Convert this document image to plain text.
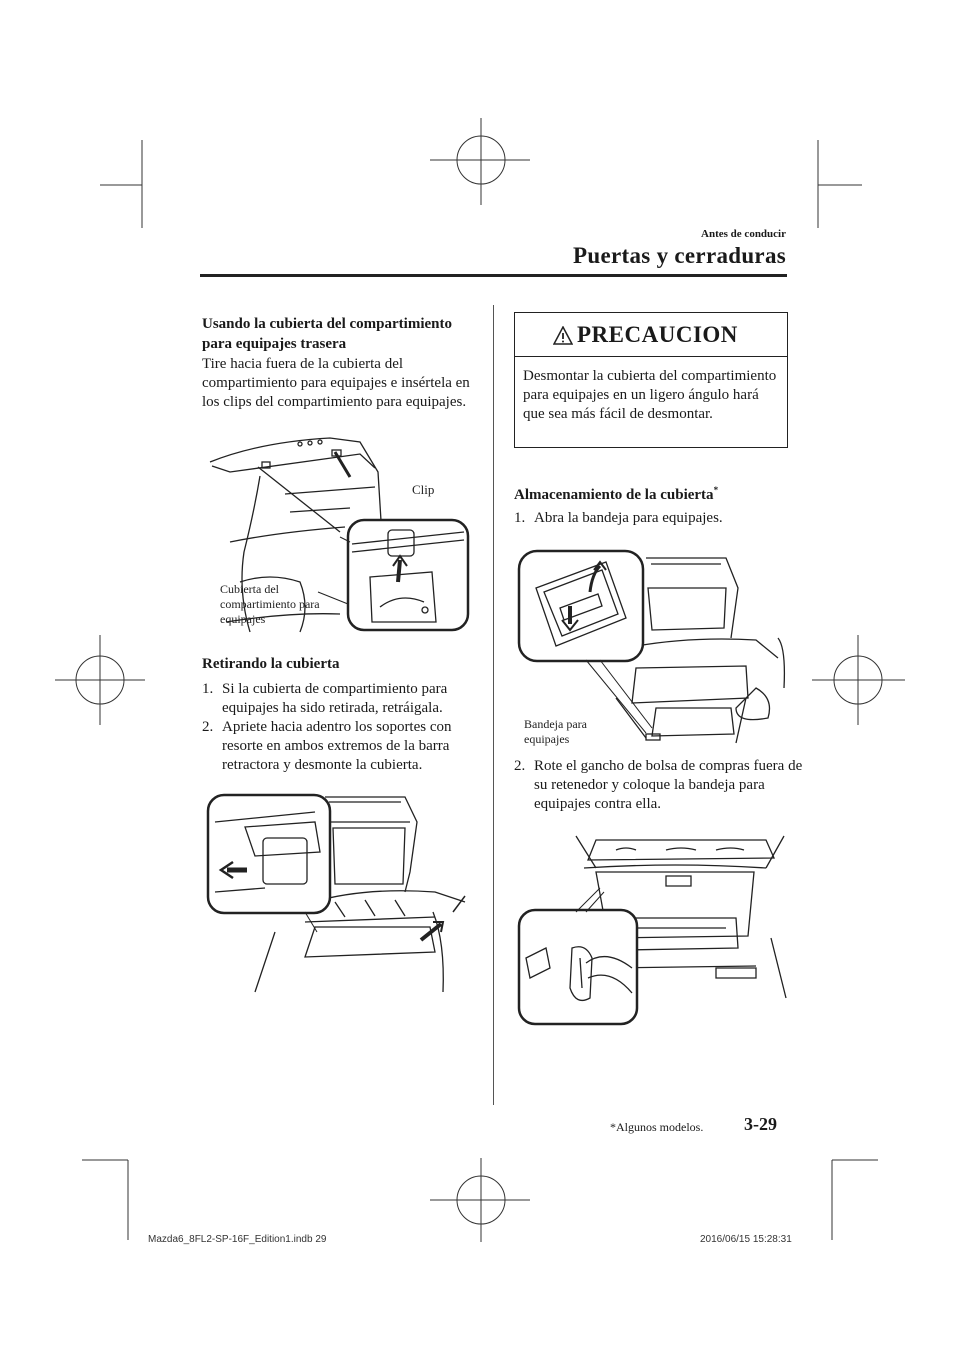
Antes de conducir
Puertas y cerraduras
Usando la cubierta del compartimiento para equipajes trasera
Tire hacia fuera de la cubierta del compartimiento para equipajes e insértela en los clips del compartimiento para equipajes.
Clip
Cubierta del compartimiento para equipajes
Retirando la cubierta
1. Si la cubierta de compartimiento para equipajes ha sido retirada, retráigala.
2. Apriete hacia adentro los soportes con resorte en ambos extremos de la barra retractora y desmonte la cubierta.
PRECAUCION
Desmontar la cubierta del compartimiento para equipajes en un ligero ángulo hará que sea más fácil de desmontar.
Almacenamiento de la cubierta*
1. Abra la bandeja para equipajes.
Bandeja para equipajes
2. Rote el gancho de bolsa de compras fuera de su retenedor y coloque la bandeja para equipajes contra ella.
*Algunos modelos. 3-29
Mazda6_8FL2-SP-16F_Edition1.indb 29	2016/06/15 15:28:31
